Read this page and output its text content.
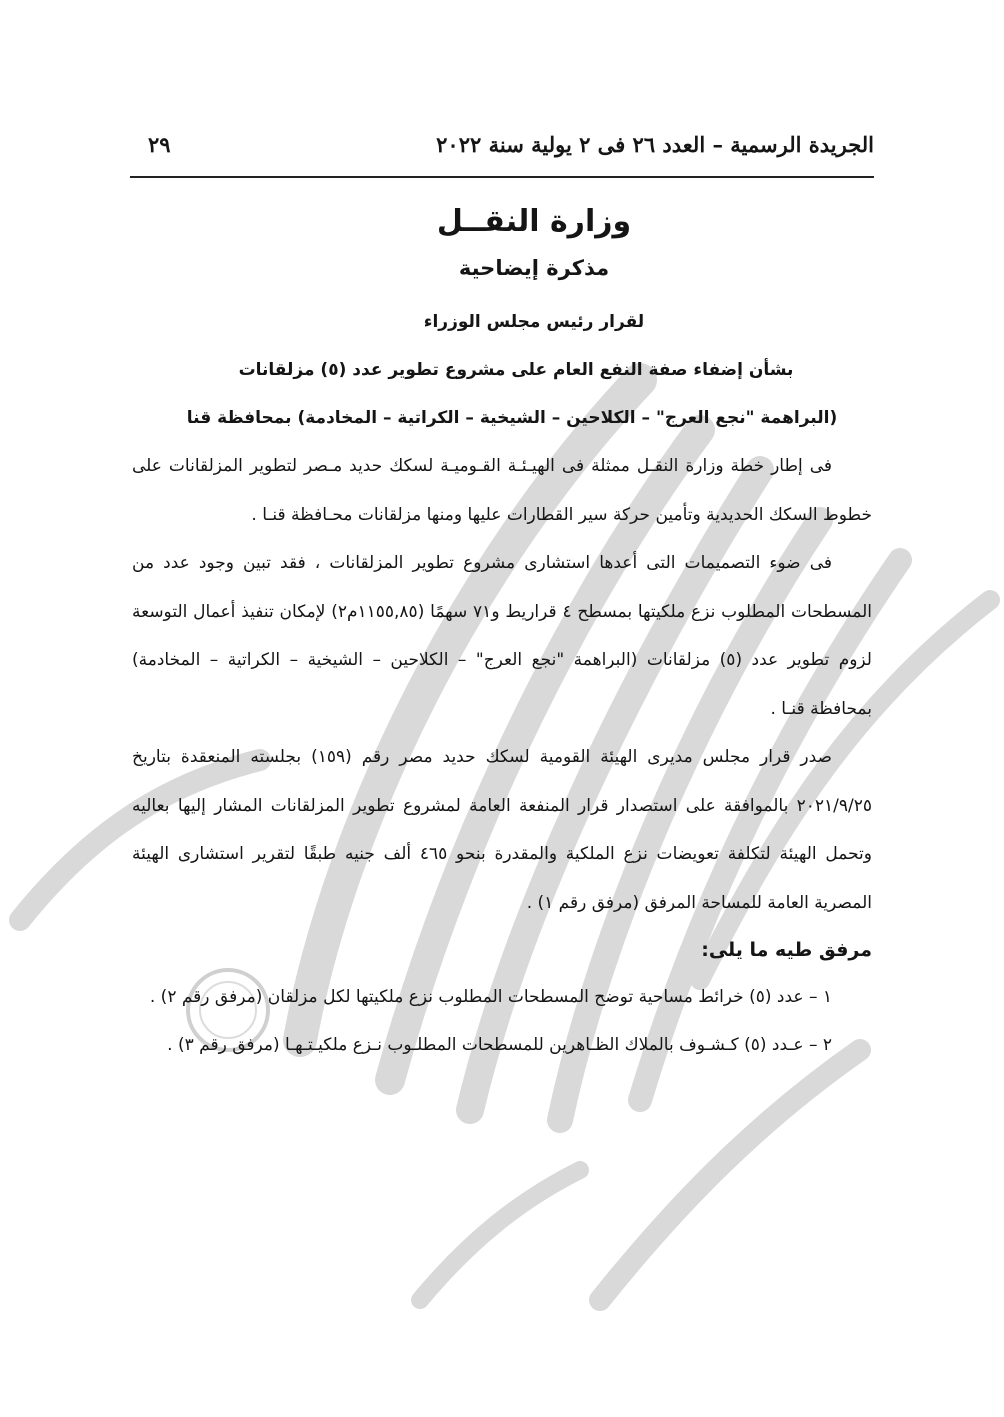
الجريدة الرسمية – العدد ٢٦ فى ٢ يولية سنة ٢٠٢٢
٢٩
وزارة النقــل
مذكرة إيضاحية
لقرار رئيس مجلس الوزراء
بشأن إضفاء صفة النفع العام على مشروع تطوير عدد (٥) مزلقانات
(البراهمة "نجع العرج" – الكلاحين – الشيخية – الكراتية – المخادمة) بمحافظة قنا

فى إطار خطة وزارة النقـل ممثلة فى الهيـئـة القـوميـة لسكك حديد مـصر لتطوير المزلقانات على خطوط السكك الحديدية وتأمين حركة سير القطارات عليها ومنها مزلقانات محـافظة قنـا .

فى ضوء التصميمات التى أعدها استشارى مشروع تطوير المزلقانات ، فقد تبين وجود عدد من المسطحات المطلوب نزع ملكيتها بمسطح ٤ قراريط و٧١ سهمًا (١١٥٥,٨٥م٢) لإمكان تنفيذ أعمال التوسعة لزوم تطوير عدد (٥) مزلقانات (البراهمة "نجع العرج" – الكلاحين – الشيخية – الكراتية – المخادمة) بمحافظة قنـا .

صدر قرار مجلس مديرى الهيئة القومية لسكك حديد مصر رقم (١٥٩) بجلسته المنعقدة بتاريخ ٢٠٢١/٩/٢٥ بالموافقة على استصدار قرار المنفعة العامة لمشروع تطوير المزلقانات المشار إليها بعاليه وتحمل الهيئة لتكلفة تعويضات نزع الملكية والمقدرة بنحو ٤٦٥ ألف جنيه طبقًا لتقرير استشارى الهيئة المصرية العامة للمساحة المرفق (مرفق رقم ١) .

مرفق طيه ما يلى:

١ – عدد (٥) خرائط مساحية توضح المسطحات المطلوب نزع ملكيتها لكل مزلقان (مرفق رقم ٢) .

٢ – عـدد (٥) كـشـوف بالملاك الظـاهرين للمسطحات المطلـوب نـزع ملكيـتـهـا (مرفق رقم ٣) .
